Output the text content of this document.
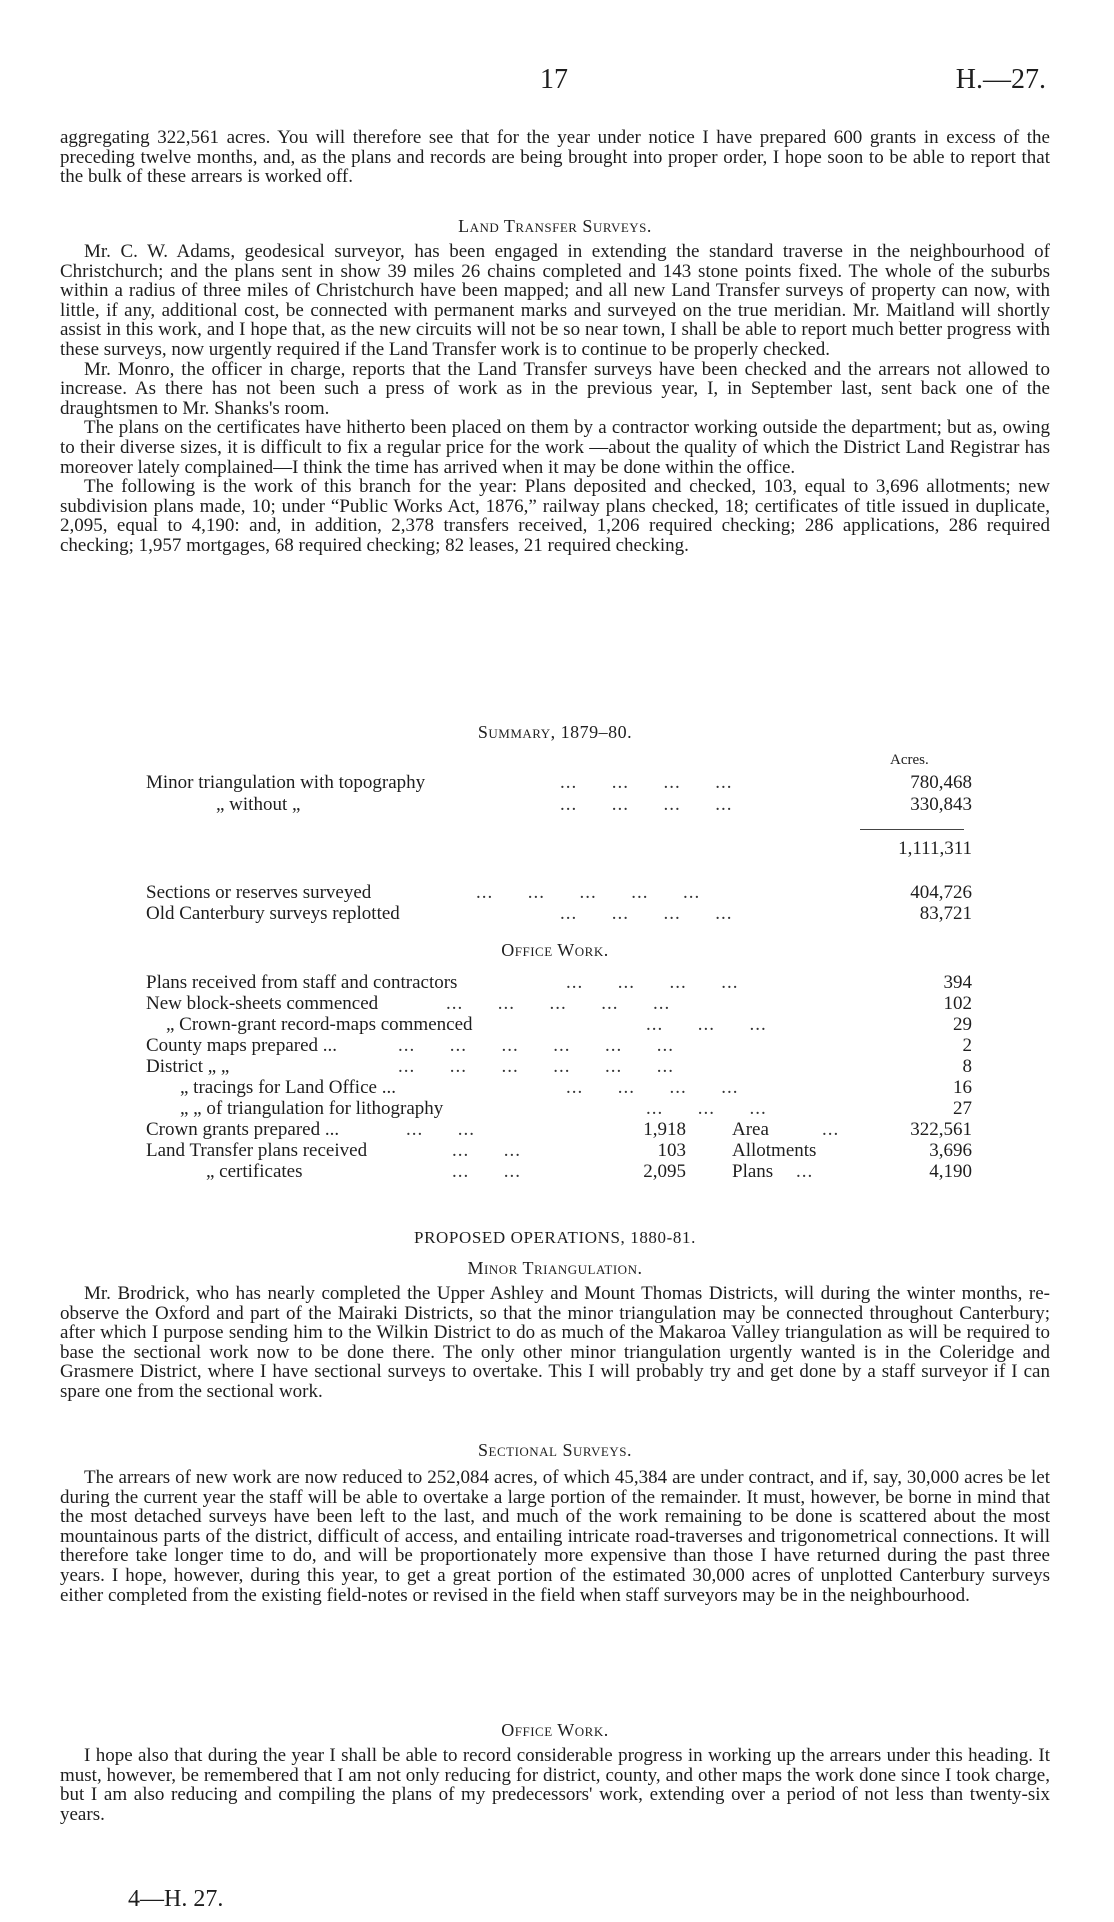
17	H.—27.

aggregating 322,561 acres. You will therefore see that for the year under notice I have prepared 600 grants in excess of the preceding twelve months, and, as the plans and records are being brought into proper order, I hope soon to be able to report that the bulk of these arrears is worked off.

Land Transfer Surveys.

Mr. C. W. Adams, geodesical surveyor, has been engaged in extending the standard traverse in the neighbourhood of Christchurch; and the plans sent in show 39 miles 26 chains completed and 143 stone points fixed. The whole of the suburbs within a radius of three miles of Christchurch have been mapped; and all new Land Transfer surveys of property can now, with little, if any, additional cost, be connected with permanent marks and surveyed on the true meridian. Mr. Maitland will shortly assist in this work, and I hope that, as the new circuits will not be so near town, I shall be able to report much better progress with these surveys, now urgently required if the Land Transfer work is to continue to be properly checked.

Mr. Monro, the officer in charge, reports that the Land Transfer surveys have been checked and the arrears not allowed to increase. As there has not been such a press of work as in the previous year, I, in September last, sent back one of the draughtsmen to Mr. Shanks's room.

The plans on the certificates have hitherto been placed on them by a contractor working outside the department; but as, owing to their diverse sizes, it is difficult to fix a regular price for the work —about the quality of which the District Land Registrar has moreover lately complained—I think the time has arrived when it may be done within the office.

The following is the work of this branch for the year: Plans deposited and checked, 103, equal to 3,696 allotments; new subdivision plans made, 10; under “Public Works Act, 1876,” railway plans checked, 18; certificates of title issued in duplicate, 2,095, equal to 4,190: and, in addition, 2,378 transfers received, 1,206 required checking; 286 applications, 286 required checking; 1,957 mortgages, 68 required checking; 82 leases, 21 required checking.

Summary, 1879–80.
Acres.
Minor triangulation with topography	...      ...      ...      ...	780,468
„ without „	...      ...      ...      ...	330,843
1,111,311
Sections or reserves surveyed	...      ...      ...      ...      ...	404,726
Old Canterbury surveys replotted	...      ...      ...      ...	83,721
Office Work.
Plans received from staff and contractors	...      ...      ...      ...	394
New block-sheets commenced	...      ...      ...      ...      ...	102
„ Crown-grant record-maps commenced	...      ...      ...	29
County maps prepared ...	...      ...      ...      ...      ...      ...	2
District „ „	...      ...      ...      ...      ...      ...	8
„ tracings for Land Office ...	...      ...      ...      ...	16
„ „ of triangulation for lithography	...      ...      ...	27
Crown grants prepared ...	...      ...	1,918 Area	...	322,561
Land Transfer plans received	...      ...	103 Allotments	3,696
„ certificates	...      ...	2,095 Plans ...	4,190
PROPOSED OPERATIONS, 1880-81.
Minor Triangulation.

Mr. Brodrick, who has nearly completed the Upper Ashley and Mount Thomas Districts, will during the winter months, re-observe the Oxford and part of the Mairaki Districts, so that the minor triangulation may be connected throughout Canterbury; after which I purpose sending him to the Wilkin District to do as much of the Makaroa Valley triangulation as will be required to base the sectional work now to be done there. The only other minor triangulation urgently wanted is in the Coleridge and Grasmere District, where I have sectional surveys to overtake. This I will probably try and get done by a staff surveyor if I can spare one from the sectional work.

Sectional Surveys.

The arrears of new work are now reduced to 252,084 acres, of which 45,384 are under contract, and if, say, 30,000 acres be let during the current year the staff will be able to overtake a large portion of the remainder. It must, however, be borne in mind that the most detached surveys have been left to the last, and much of the work remaining to be done is scattered about the most mountainous parts of the district, difficult of access, and entailing intricate road-traverses and trigonometrical connections. It will therefore take longer time to do, and will be proportionately more expensive than those I have returned during the past three years. I hope, however, during this year, to get a great portion of the estimated 30,000 acres of unplotted Canterbury surveys either completed from the existing field-notes or revised in the field when staff surveyors may be in the neighbourhood.

Office Work.

I hope also that during the year I shall be able to record considerable progress in working up the arrears under this heading. It must, however, be remembered that I am not only reducing for district, county, and other maps the work done since I took charge, but I am also reducing and compiling the plans of my predecessors' work, extending over a period of not less than twenty-six years.

4—H. 27.
